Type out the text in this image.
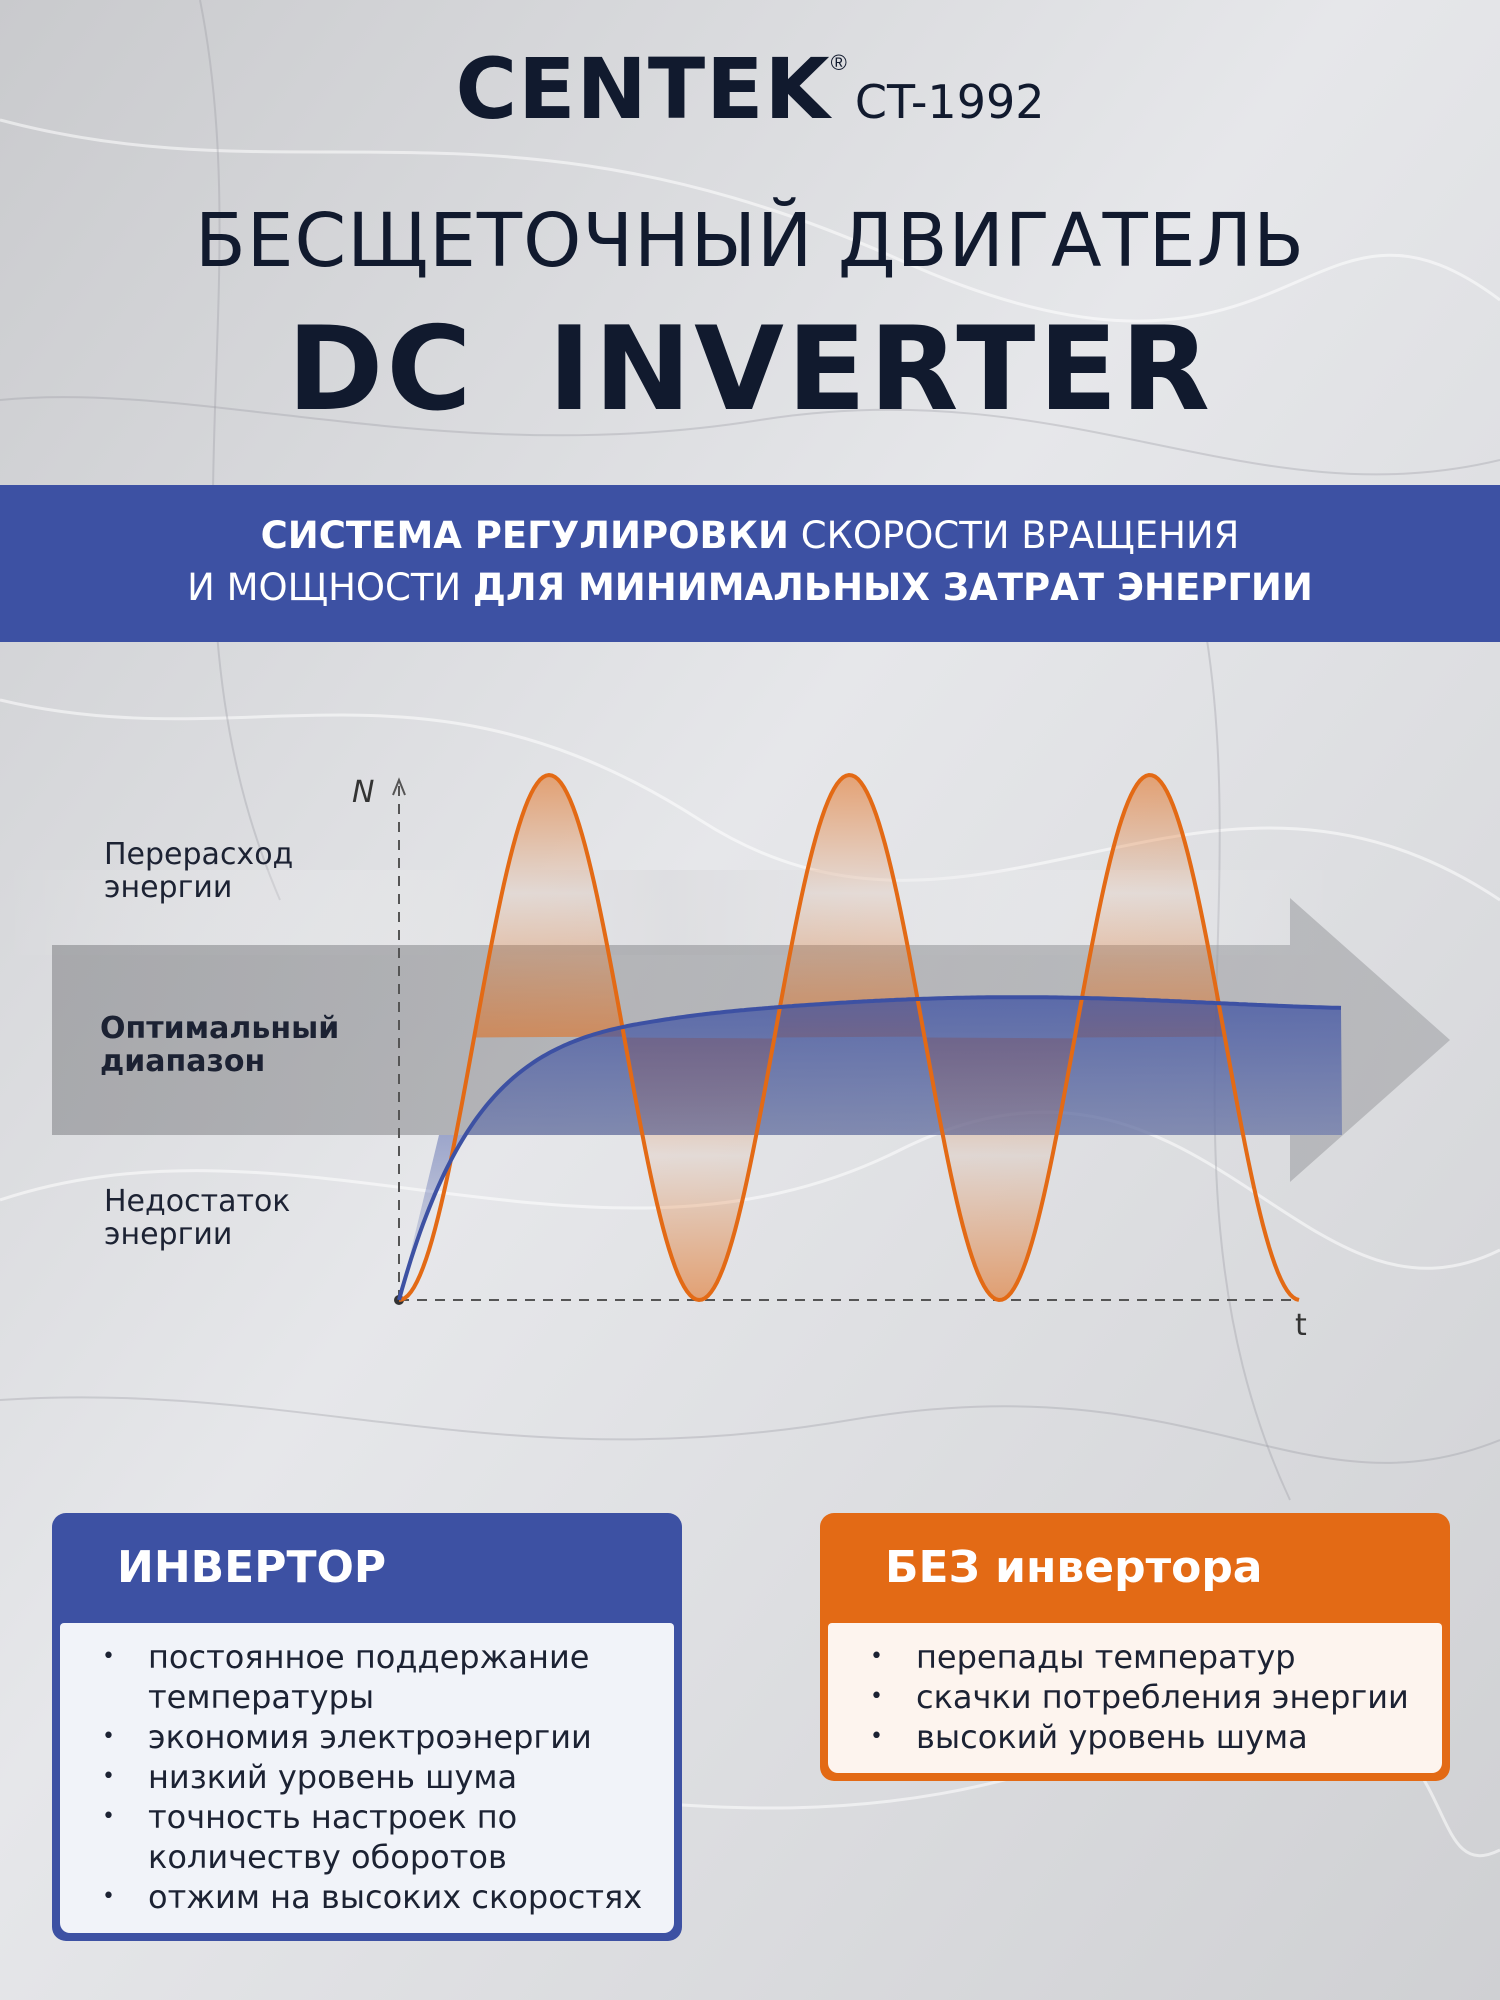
CENTEK®CT-1992
БЕСЩЕТОЧНЫЙ ДВИГАТЕЛЬ
DC INVERTER
СИСТЕМА РЕГУЛИРОВКИ СКОРОСТИ ВРАЩЕНИЯ
И МОЩНОСТИ ДЛЯ МИНИМАЛЬНЫХ ЗАТРАТ ЭНЕРГИИ
N
t
Перерасход
энергии
Оптимальный
диапазон
Недостаток
энергии
ИНВЕРТОР
• постоянное поддержание температуры
• экономия электроэнергии
• низкий уровень шума
• точность настроек по количеству оборотов
• отжим на высоких скоростях
БЕЗ инвертора
• перепады температур
• скачки потребления энергии
• высокий уровень шума
